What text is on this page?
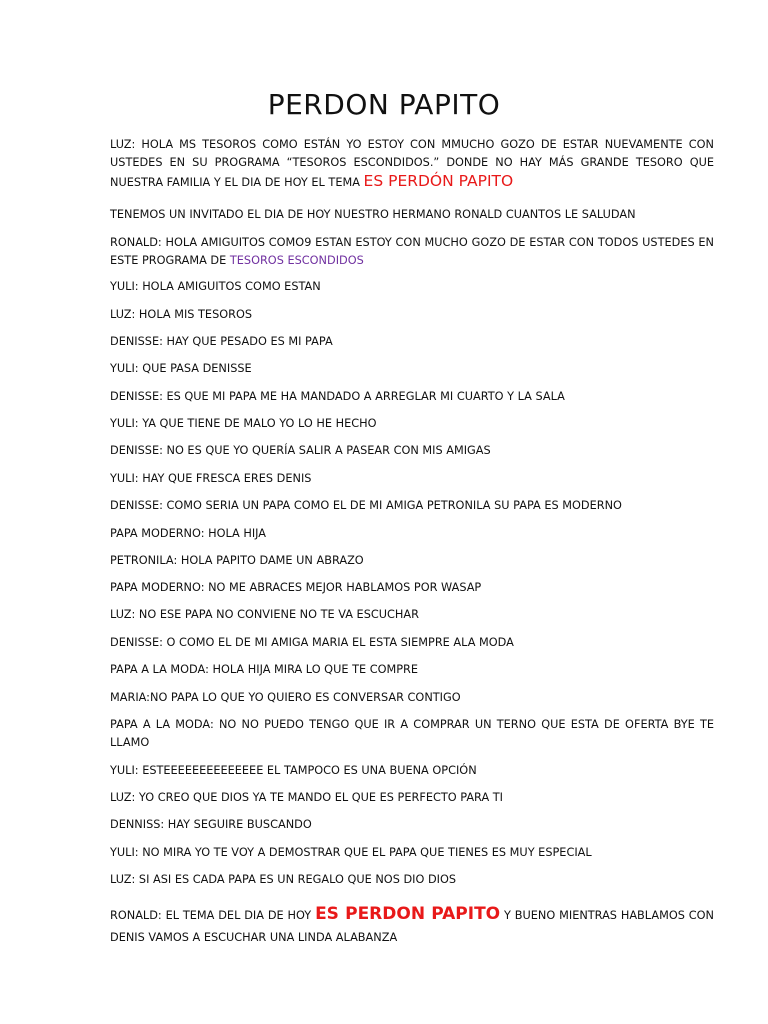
PERDON PAPITO
LUZ: HOLA MS TESOROS COMO ESTÁN YO ESTOY CON MMUCHO GOZO DE ESTAR NUEVAMENTE CON USTEDES EN SU PROGRAMA “TESOROS ESCONDIDOS.” DONDE NO HAY MÁS GRANDE TESORO QUE NUESTRA FAMILIA Y EL DIA DE HOY EL TEMA ES PERDÓN PAPITO
TENEMOS UN INVITADO EL DIA DE HOY NUESTRO HERMANO RONALD CUANTOS LE SALUDAN
RONALD: HOLA AMIGUITOS COMO9 ESTAN ESTOY CON MUCHO GOZO DE ESTAR CON TODOS USTEDES EN ESTE PROGRAMA DE TESOROS ESCONDIDOS
YULI: HOLA AMIGUITOS COMO ESTAN
LUZ: HOLA MIS TESOROS
DENISSE: HAY QUE PESADO ES MI PAPA
YULI: QUE PASA DENISSE
DENISSE: ES QUE MI PAPA ME HA MANDADO A ARREGLAR MI CUARTO Y LA SALA
YULI: YA QUE TIENE DE MALO YO LO HE HECHO
DENISSE: NO ES QUE YO QUERÍA SALIR A PASEAR CON MIS AMIGAS
YULI: HAY QUE FRESCA ERES DENIS
DENISSE: COMO SERIA UN PAPA COMO EL DE MI AMIGA PETRONILA SU PAPA ES MODERNO
PAPA MODERNO: HOLA HIJA
PETRONILA: HOLA PAPITO DAME UN ABRAZO
PAPA MODERNO: NO ME ABRACES MEJOR HABLAMOS POR WASAP
LUZ: NO ESE PAPA NO CONVIENE NO TE VA ESCUCHAR
DENISSE: O COMO EL DE MI AMIGA MARIA EL ESTA SIEMPRE ALA MODA
PAPA A LA MODA: HOLA HIJA MIRA LO QUE TE COMPRE
MARIA:NO PAPA LO QUE YO QUIERO ES CONVERSAR CONTIGO
PAPA A LA MODA: NO NO PUEDO TENGO QUE IR A COMPRAR UN TERNO QUE ESTA DE OFERTA BYE TE LLAMO
YULI: ESTEEEEEEEEEEEEEE EL TAMPOCO ES UNA BUENA OPCIÓN
LUZ: YO CREO QUE DIOS YA TE MANDO EL QUE ES PERFECTO PARA TI
DENNISS: HAY SEGUIRE BUSCANDO
YULI: NO MIRA YO TE VOY A DEMOSTRAR QUE EL PAPA QUE TIENES ES MUY ESPECIAL
LUZ: SI ASI ES CADA PAPA ES UN REGALO QUE NOS DIO DIOS
RONALD: EL TEMA DEL DIA DE HOY ES PERDON PAPITO Y BUENO MIENTRAS HABLAMOS CON DENIS VAMOS A ESCUCHAR UNA LINDA ALABANZA
